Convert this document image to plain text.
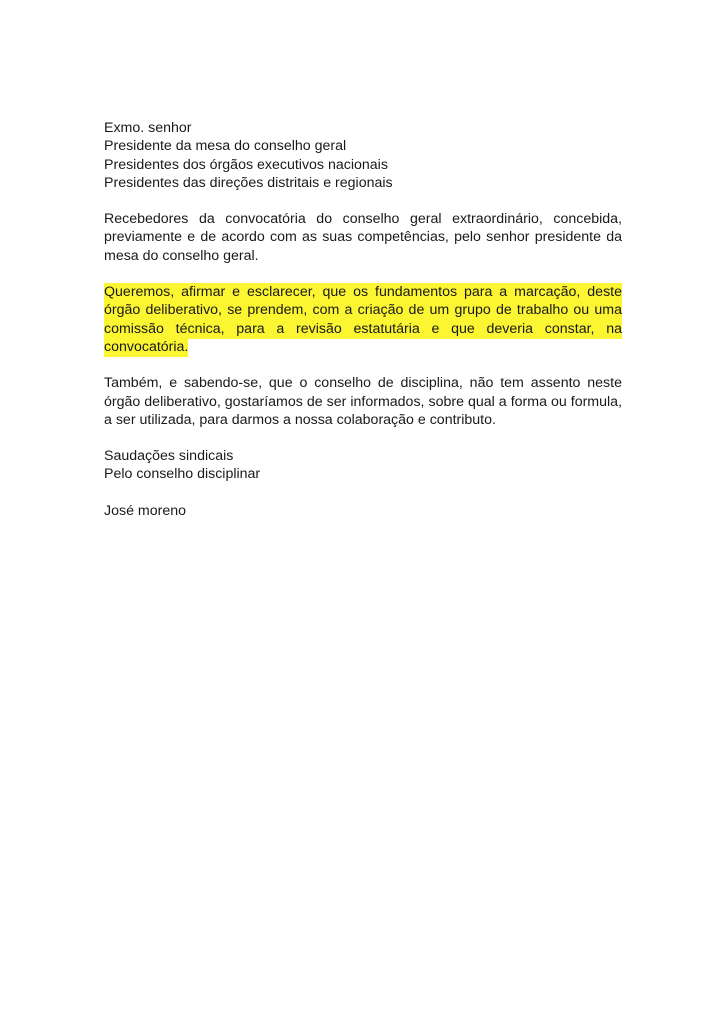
Exmo. senhor
Presidente da mesa do conselho geral
Presidentes dos órgãos executivos nacionais
Presidentes das direções distritais e regionais

Recebedores da convocatória do conselho geral extraordinário, concebida, previamente e de acordo com as suas competências, pelo senhor presidente da mesa do conselho geral.

Queremos, afirmar e esclarecer, que os fundamentos para a marcação, deste órgão deliberativo, se prendem, com a criação de um grupo de trabalho ou uma comissão técnica, para a revisão estatutária e que deveria constar, na convocatória.

Também, e sabendo-se, que o conselho de disciplina, não tem assento neste órgão deliberativo, gostaríamos de ser informados, sobre qual a forma ou formula, a ser utilizada, para darmos a nossa colaboração e contributo.

Saudações sindicais
Pelo conselho disciplinar
José moreno
